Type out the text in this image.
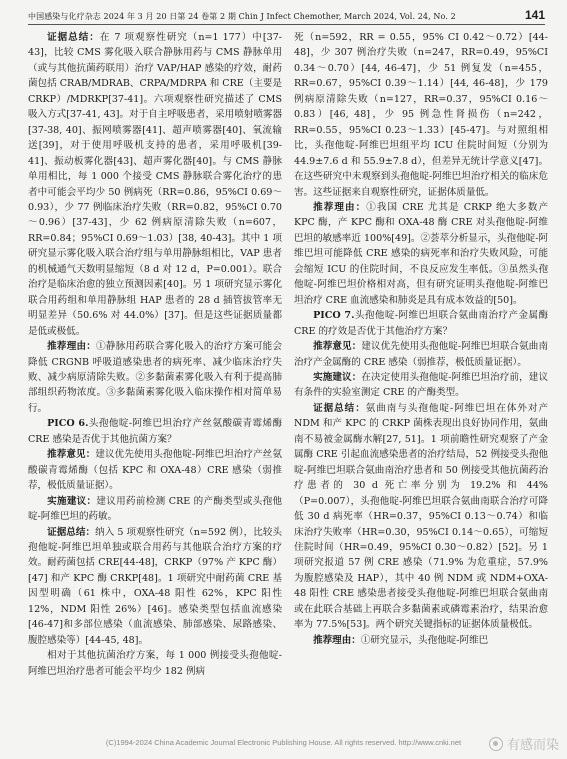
中国感染与化疗杂志 2024 年 3 月 20 日第 24 卷第 2 期 Chin J Infect Chemother, March 2024, Vol. 24, No. 2	141

证据总结：在 7 项观察性研究（n=1 177）中[37-43]，比较 CMS 雾化吸入联合静脉用药与 CMS 静脉单用（或与其他抗菌药联用）治疗 VAP/HAP 感染的疗效，耐药菌包括 CRAB/MDRAB、CRPA/MDRPA 和 CRE（主要是 CRKP）/MDRKP[37-41]。六项观察性研究描述了 CMS 吸入方式[37-41, 43]。对于自主呼吸患者，采用喷射喷雾器[37-38, 40]、振网喷雾器[41]、超声喷雾器[40]、氧流输送[39]，对于使用呼吸机支持的患者，采用呼吸机[39-41]、振动板雾化器[43]、超声雾化器[40]。与 CMS 静脉单用相比，每 1 000 个接受 CMS 静脉联合雾化治疗的患者中可能会平均少 50 例病死（RR=0.86，95%CI 0.69～0.93），少 77 例临床治疗失败（RR=0.82，95%CI 0.70～0.96）[37-43]，少 62 例病原清除失败（n=607，RR=0.84；95%CI 0.69～1.03）[38, 40-43]。其中 1 项研究显示雾化吸入联合治疗组与单用静脉组相比，VAP 患者的机械通气天数明显缩短（8 d 对 12 d，P=0.001）。联合治疗是临床治愈的独立预测因素[40]。另 1 项研究显示雾化联合用药组和单用静脉组 HAP 患者的 28 d 插管拔管率无明显差异（50.6% 对 44.0%）[37]。但是这些证据质量都是低或极低。

推荐理由：①静脉用药联合雾化吸入的治疗方案可能会降低 CRGNB 呼吸道感染患者的病死率、减少临床治疗失败、减少病原清除失败。②多黏菌素雾化吸入有利于提高肺部组织药物浓度。③多黏菌素雾化吸入临床操作相对简单易行。

PICO 6.头孢他啶-阿维巴坦治疗产丝氨酸碳青霉烯酶 CRE 感染是否优于其他抗菌方案？

推荐意见：建议优先使用头孢他啶-阿维巴坦治疗产丝氨酸碳青霉烯酶（包括 KPC 和 OXA-48）CRE 感染（弱推荐，极低质量证据）。

实施建议：建议用药前检测 CRE 的产酶类型或头孢他啶-阿维巴坦的药敏。

证据总结：纳入 5 项观察性研究（n=592 例），比较头孢他啶-阿维巴坦单独或联合用药与其他联合治疗方案的疗效。耐药菌包括 CRE[44-48]，CRKP（97% 产 KPC 酶）[47] 和产 KPC 酶 CRKP[48]。1 项研究中耐药菌 CRE 基因型明确（61 株中，OXA-48 阳性 62%，KPC 阳性 12%，NDM 阳性 26%）[46]。感染类型包括血流感染[46-47]和多部位感染（血流感染、肺部感染、尿路感染、腹腔感染等）[44-45, 48]。

相对于其他抗菌治疗方案，每 1 000 例接受头孢他啶-阿维巴坦治疗患者可能会平均少 182 例病

死（n=592，RR = 0.55，95% CI 0.42～0.72）[44-48]，少 307 例治疗失败（n=247，RR=0.49，95%CI 0.34～0.70）[44, 46-47]，少 51 例复发（n=455，RR=0.67，95%CI 0.39～1.14）[44, 46-48]，少 179 例病原清除失败（n=127，RR=0.37，95%CI 0.16～0.83）[46, 48]，少 95 例急性肾损伤（n=242，RR=0.55，95%CI 0.23～1.33）[45-47]。与对照组相比，头孢他啶-阿维巴坦组平均 ICU 住院时间短（分别为 44.9±7.6 d 和 55.9±7.8 d），但差异无统计学意义[47]。在这些研究中未观察到头孢他啶-阿维巴坦治疗相关的临床危害。这些证据来自观察性研究，证据体质量低。

推荐理由：①我国 CRE 尤其是 CRKP 绝大多数产 KPC 酶，产 KPC 酶和 OXA-48 酶 CRE 对头孢他啶-阿维巴坦的敏感率近 100%[49]。②荟萃分析显示，头孢他啶-阿维巴坦可能降低 CRE 感染的病死率和治疗失败风险，可能会缩短 ICU 的住院时间，不良反应发生率低。③虽然头孢他啶-阿维巴坦价格相对高，但有研究证明头孢他啶-阿维巴坦治疗 CRE 血流感染和肺炎是具有成本效益的[50]。

PICO 7.头孢他啶-阿维巴坦联合氨曲南治疗产金属酶 CRE 的疗效是否优于其他治疗方案？

推荐意见：建议优先使用头孢他啶-阿维巴坦联合氨曲南治疗产金属酶的 CRE 感染（弱推荐，极低质量证据）。

实施建议：在决定使用头孢他啶-阿维巴坦治疗前，建议有条件的实验室测定 CRE 的产酶类型。

证据总结：氨曲南与头孢他啶-阿维巴坦在体外对产 NDM 和产 KPC 的 CRKP 菌株表现出良好协同作用，氨曲南不易被金属酶水解[27, 51]。1 项前瞻性研究观察了产金属酶 CRE 引起血流感染患者的治疗结局，52 例接受头孢他啶-阿维巴坦联合氨曲南治疗患者和 50 例接受其他抗菌药治疗患者的 30 d 死亡率分别为 19.2% 和 44%（P=0.007），头孢他啶-阿维巴坦联合氨曲南联合治疗可降低 30 d 病死率（HR=0.37，95%CI 0.13～0.74）和临床治疗失败率（HR=0.30，95%CI 0.14～0.65），可缩短住院时间（HR=0.49，95%CI 0.30～0.82）[52]。另 1 项研究报道 57 例 CRE 感染（71.9% 为危重症，57.9% 为腹腔感染及 HAP），其中 40 例 NDM 或 NDM+OXA-48 阳性 CRE 感染患者接受头孢他啶-阿维巴坦联合氨曲南或在此联合基础上再联合多黏菌素或磷霉素治疗，结果治愈率为 77.5%[53]。两个研究关键指标的证据体质量极低。

推荐理由：①研究显示，头孢他啶-阿维巴

(C)1994-2024 China Academic Journal Electronic Publishing House. All rights reserved. http://www.cnki.net	有感而染
